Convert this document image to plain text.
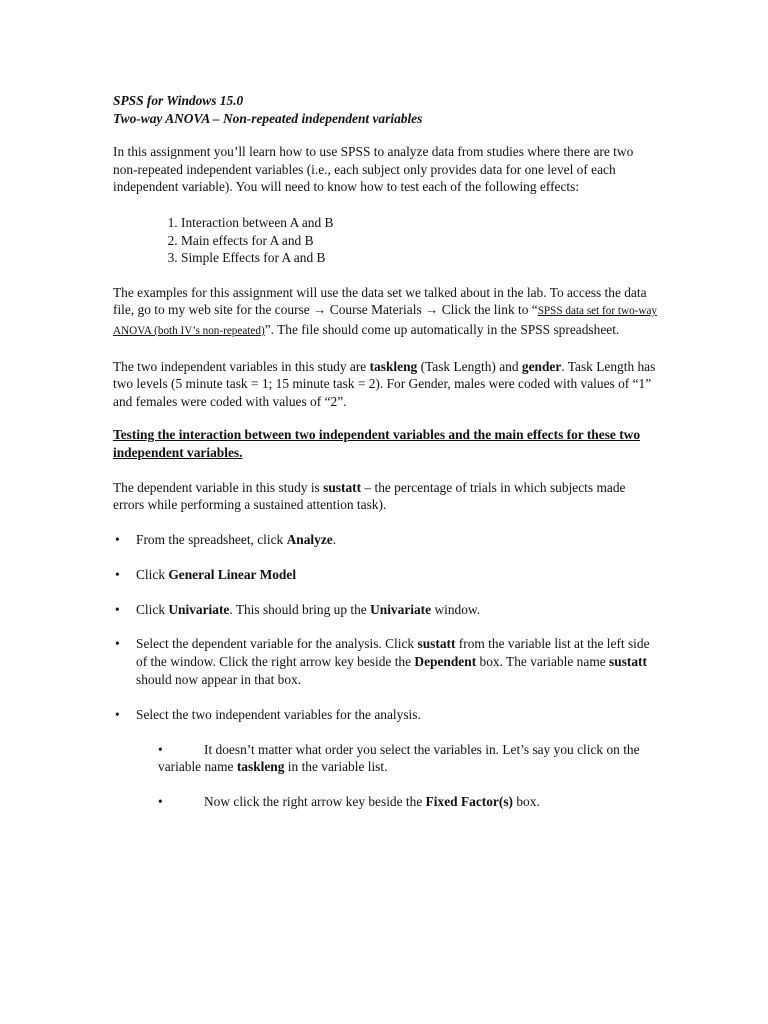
SPSS for Windows 15.0
Two-way ANOVA – Non-repeated independent variables

In this assignment you’ll learn how to use SPSS to analyze data from studies where there are two non-repeated independent variables (i.e., each subject only provides data for one level of each independent variable). You will need to know how to test each of the following effects:

1. Interaction between A and B
2. Main effects for A and B
3. Simple Effects for A and B

The examples for this assignment will use the data set we talked about in the lab. To access the data file, go to my web site for the course → Course Materials → Click the link to “SPSS data set for two-way ANOVA (both IV’s non-repeated)”. The file should come up automatically in the SPSS spreadsheet.

The two independent variables in this study are taskleng (Task Length) and gender. Task Length has two levels (5 minute task = 1; 15 minute task = 2). For Gender, males were coded with values of “1” and females were coded with values of “2”.

Testing the interaction between two independent variables and the main effects for these two independent variables.

The dependent variable in this study is sustatt – the percentage of trials in which subjects made errors while performing a sustained attention task).

• From the spreadsheet, click Analyze.
• Click General Linear Model
• Click Univariate. This should bring up the Univariate window.
• Select the dependent variable for the analysis. Click sustatt from the variable list at the left side of the window. Click the right arrow key beside the Dependent box. The variable name sustatt should now appear in that box.
• Select the two independent variables for the analysis.
•	It doesn’t matter what order you select the variables in. Let’s say you click on the variable name taskleng in the variable list.
•	Now click the right arrow key beside the Fixed Factor(s) box.
